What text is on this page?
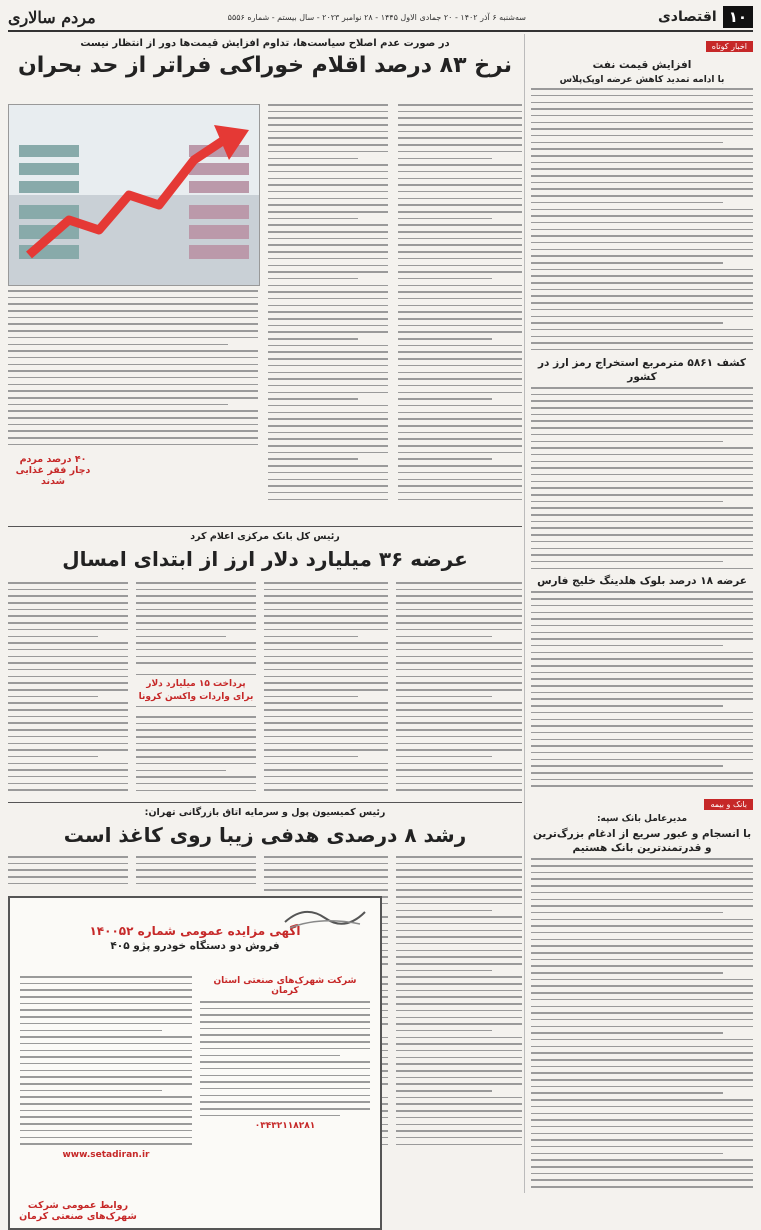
۱۰
اقتصادی
سه‌شنبه ۶ آذر ۱۴۰۲ - ۲۰ جمادی الاول ۱۴۴۵ - ۲۸ نوامبر ۲۰۲۳ - سال بیستم - شماره ۵۵۵۶
مردم سالاری
اخبار کوتاه
افزایش قیمت نفت
با ادامه تمدید کاهش عرضه اوپک‌پلاس
کشف ۵۸۶۱ مترمربع استخراج رمز ارز در کشور
عرضه ۱۸ درصد بلوک هلدینگ خلیج فارس
بانک و بیمه
مدیرعامل بانک سپه:
با انسجام و عبور سریع از ادغام بزرگ‌ترین و قدرتمندترین بانک هستیم
در صورت عدم اصلاح سیاست‌ها، تداوم افزایش قیمت‌ها دور از انتظار نیست
نرخ ۸۳ درصد اقلام خوراکی فراتر از حد بحران
۴۰ درصد مردم دچار فقر غذایی شدند
رئیس کل بانک مرکزی اعلام کرد
عرضه ۳۶ میلیارد دلار ارز از ابتدای امسال
پرداخت ۱۵ میلیارد دلار برای واردات واکسن کرونا
رئیس کمیسیون پول و سرمایه اتاق بازرگانی تهران:
رشد ۸ درصدی هدفی زیبا روی کاغذ است
آگهی مزایده عمومی شماره ۱۴۰۰۵۲
فروش دو دستگاه خودرو پژو ۴۰۵
شرکت شهرک‌های صنعتی استان کرمان
۰۳۴۳۲۱۱۸۲۸۱
www.setadiran.ir
روابط عمومی شرکت شهرک‌های صنعتی کرمان
